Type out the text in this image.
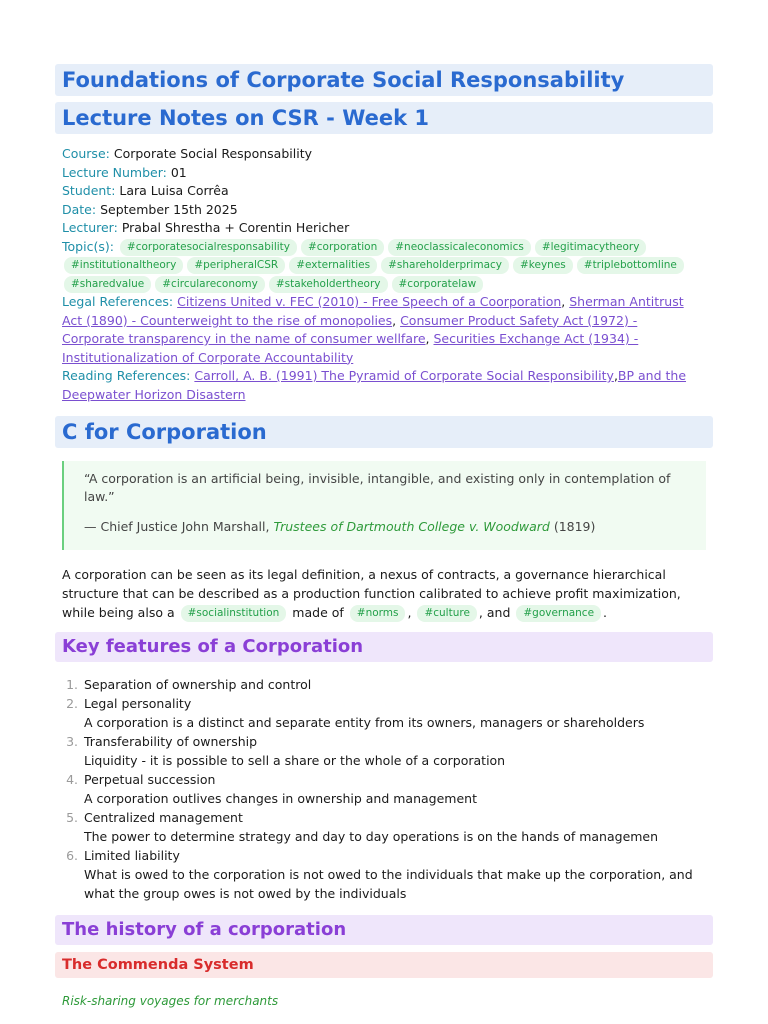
Foundations of Corporate Social Responsability
Lecture Notes on CSR - Week 1
Course: Corporate Social Responsability
Lecture Number: 01
Student: Lara Luisa Corrêa
Date: September 15th 2025
Lecturer: Prabal Shrestha + Corentin Hericher
Topic(s): #corporatesocialresponsability #corporation #neoclassicaleconomics #legitimacytheory #institutionaltheory #peripheralCSR #externalities #shareholderprimacy #keynes #triplebottomline #sharedvalue #circulareconomy #stakeholdertheory #corporatelaw
Legal References: Citizens United v. FEC (2010) - Free Speech of a Coorporation, Sherman Antitrust Act (1890) - Counterweight to the rise of monopolies, Consumer Product Safety Act (1972) - Corporate transparency in the name of consumer wellfare, Securities Exchange Act (1934) - Institutionalization of Corporate Accountability
Reading References: Carroll, A. B. (1991) The Pyramid of Corporate Social Responsibility,BP and the Deepwater Horizon Disastern
C for Corporation
“A corporation is an artificial being, invisible, intangible, and existing only in contemplation of law.”
— Chief Justice John Marshall, Trustees of Dartmouth College v. Woodward (1819)
A corporation can be seen as its legal definition, a nexus of contracts, a governance hierarchical structure that can be described as a production function calibrated to achieve profit maximization, while being also a #socialinstitution made of #norms , #culture , and #governance .
Key features of a Corporation
1. Separation of ownership and control
2. Legal personality
A corporation is a distinct and separate entity from its owners, managers or shareholders
3. Transferability of ownership
Liquidity - it is possible to sell a share or the whole of a corporation
4. Perpetual succession
A corporation outlives changes in ownership and management
5. Centralized management
The power to determine strategy and day to day operations is on the hands of managemen
6. Limited liability
What is owed to the corporation is not owed to the individuals that make up the corporation, and what the group owes is not owed by the individuals
The history of a corporation
The Commenda System
Risk-sharing voyages for merchants
